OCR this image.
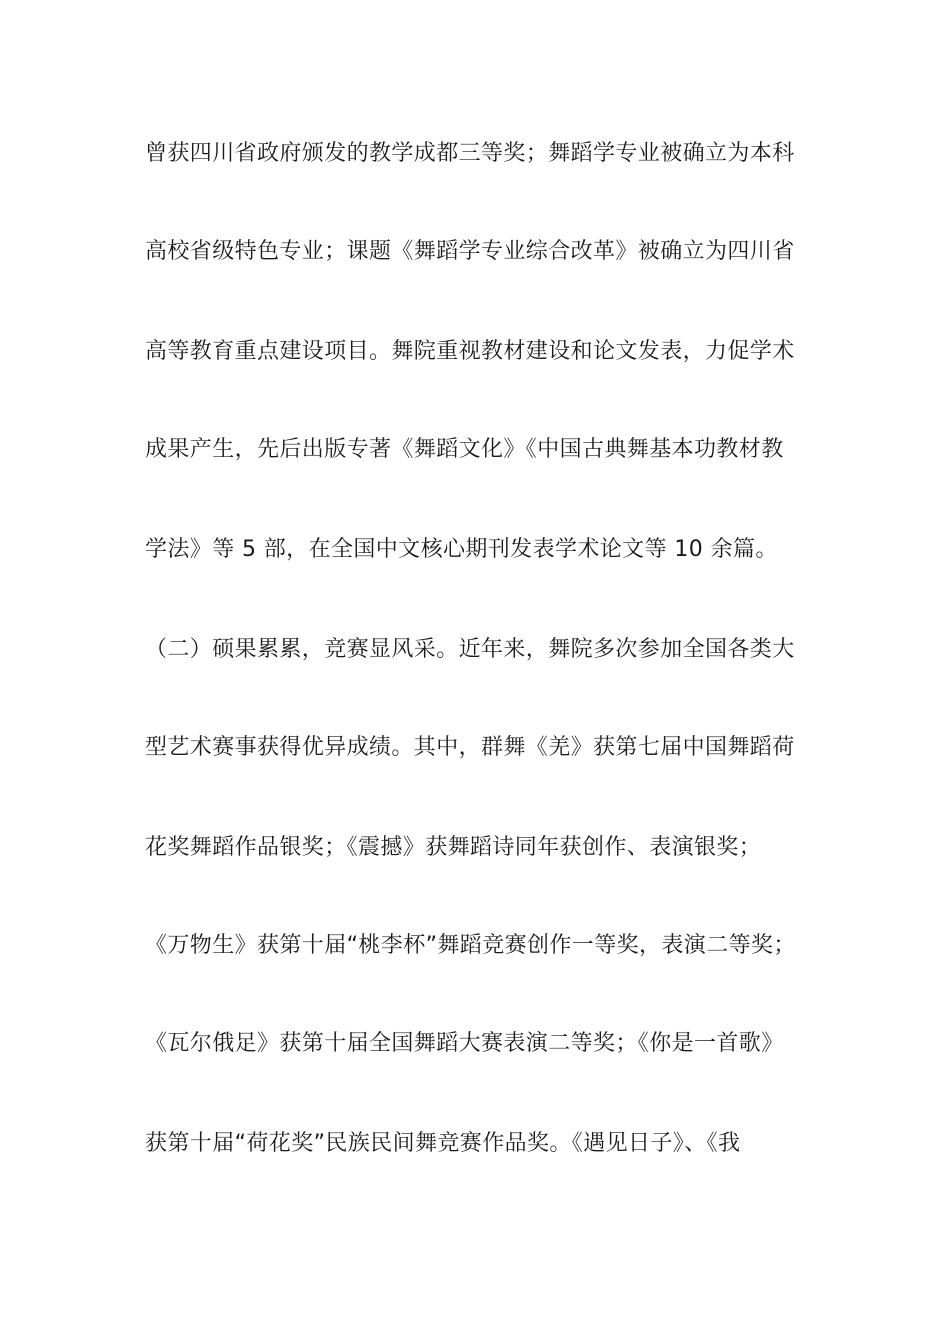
曾获四川省政府颁发的教学成都三等奖；舞蹈学专业被确立为本科
高校省级特色专业；课题《舞蹈学专业综合改革》被确立为四川省
高等教育重点建设项目。舞院重视教材建设和论文发表，力促学术
成果产生，先后出版专著《舞蹈文化》《中国古典舞基本功教材教
学法》等 5 部，在全国中文核心期刊发表学术论文等 10 余篇。
（二）硕果累累，竞赛显风采。近年来，舞院多次参加全国各类大
型艺术赛事获得优异成绩。其中，群舞《羌》获第七届中国舞蹈荷
花奖舞蹈作品银奖；《震撼》获舞蹈诗同年获创作、表演银奖；
《万物生》获第十届“桃李杯”舞蹈竞赛创作一等奖，表演二等奖；
《瓦尔俄足》获第十届全国舞蹈大赛表演二等奖；《你是一首歌》
获第十届“荷花奖”民族民间舞竞赛作品奖。《遇见日子》、《我
